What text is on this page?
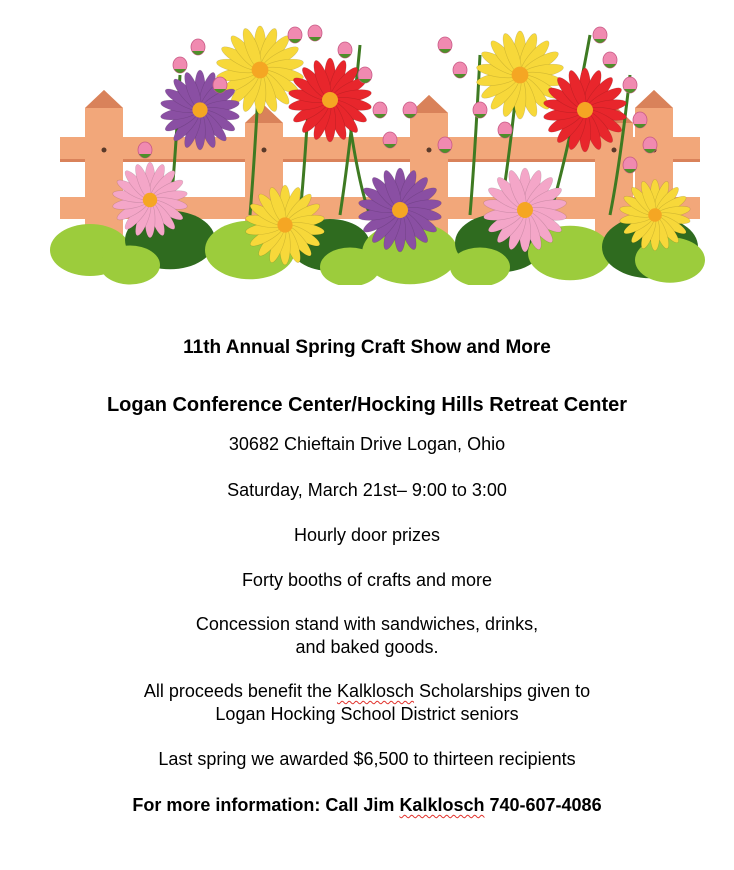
11th Annual Spring Craft Show and More
Logan Conference Center/Hocking Hills Retreat Center
30682 Chieftain Drive Logan, Ohio
Saturday, March 21st– 9:00 to 3:00
Hourly door prizes
Forty booths of crafts and more
Concession stand with sandwiches, drinks,
and baked goods.
All proceeds benefit the Kalklosch Scholarships given to
Logan Hocking School District seniors
Last spring we awarded $6,500 to thirteen recipients
For more information: Call Jim Kalklosch 740-607-4086
